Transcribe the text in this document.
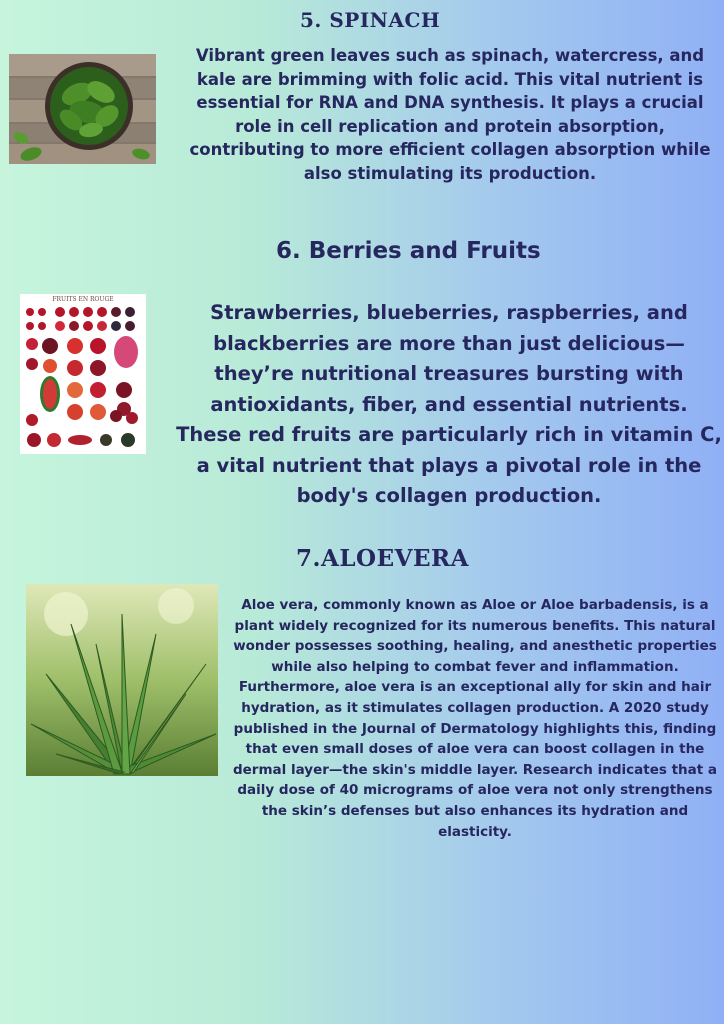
5. SPINACH

Vibrant green leaves such as spinach, watercress, and kale are brimming with folic acid. This vital nutrient is essential for RNA and DNA synthesis. It plays a crucial role in cell replication and protein absorption, contributing to more efficient collagen absorption while also stimulating its production.

6. Berries and Fruits
FRUITS EN ROUGE

Strawberries, blueberries, raspberries, and blackberries are more than just delicious—they’re nutritional treasures bursting with antioxidants, fiber, and essential nutrients. These red fruits are particularly rich in vitamin C, a vital nutrient that plays a pivotal role in the body's collagen production.

7.ALOEVERA

Aloe vera, commonly known as Aloe or Aloe barbadensis, is a plant widely recognized for its numerous benefits. This natural wonder possesses soothing, healing, and anesthetic properties while also helping to combat fever and inflammation. Furthermore, aloe vera is an exceptional ally for skin and hair hydration, as it stimulates collagen production. A 2020 study published in the Journal of Dermatology highlights this, finding that even small doses of aloe vera can boost collagen in the dermal layer—the skin's middle layer. Research indicates that a daily dose of 40 micrograms of aloe vera not only strengthens the skin’s defenses but also enhances its hydration and elasticity.
